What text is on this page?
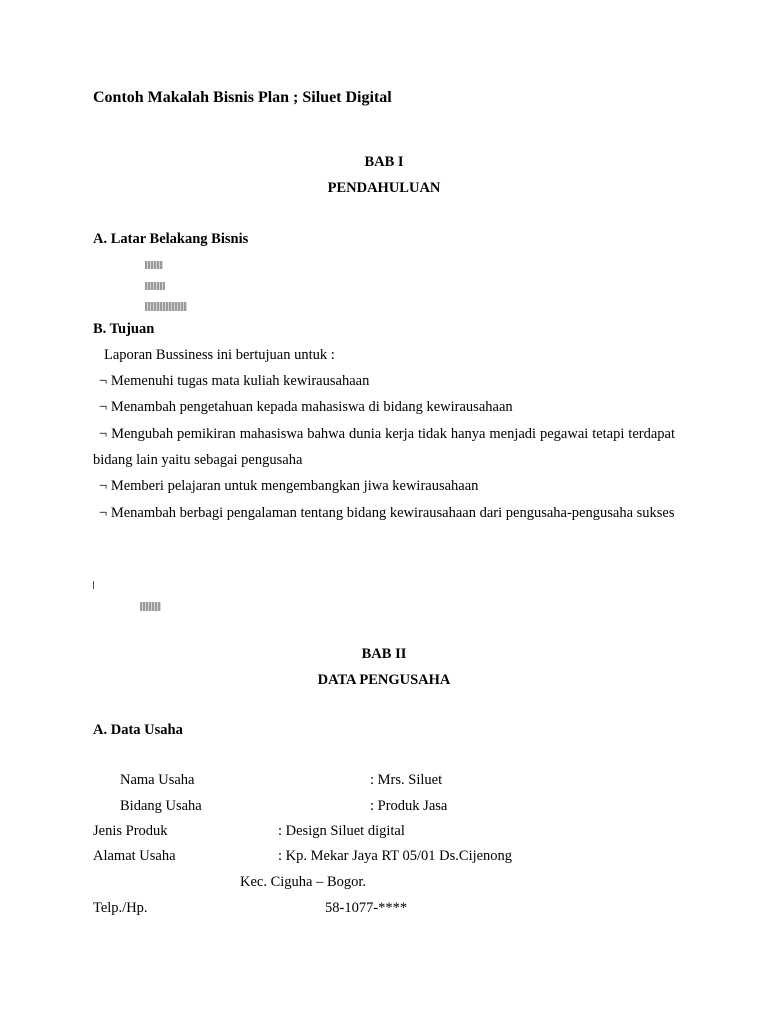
Contoh Makalah Bisnis Plan ; Siluet Digital
BAB I
PENDAHULUAN
A. Latar Belakang Bisnis
B. Tujuan
Laporan Bussiness ini bertujuan untuk :
¬ Memenuhi tugas mata kuliah kewirausahaan
¬ Menambah pengetahuan kepada mahasiswa di bidang kewirausahaan
¬ Mengubah pemikiran mahasiswa bahwa dunia kerja tidak hanya menjadi pegawai tetapi terdapat bidang lain yaitu sebagai pengusaha
¬ Memberi pelajaran untuk mengembangkan jiwa kewirausahaan
¬ Menambah berbagi pengalaman tentang bidang kewirausahaan dari pengusaha-pengusaha sukses
BAB II
DATA PENGUSAHA
A. Data Usaha
Nama Usaha	: Mrs. Siluet
Bidang Usaha	: Produk Jasa
Jenis Produk	: Design Siluet digital
Alamat Usaha	: Kp. Mekar Jaya RT 05/01 Ds.Cijenong
Kec. Ciguha – Bogor.
Telp./Hp.	58-1077-****
